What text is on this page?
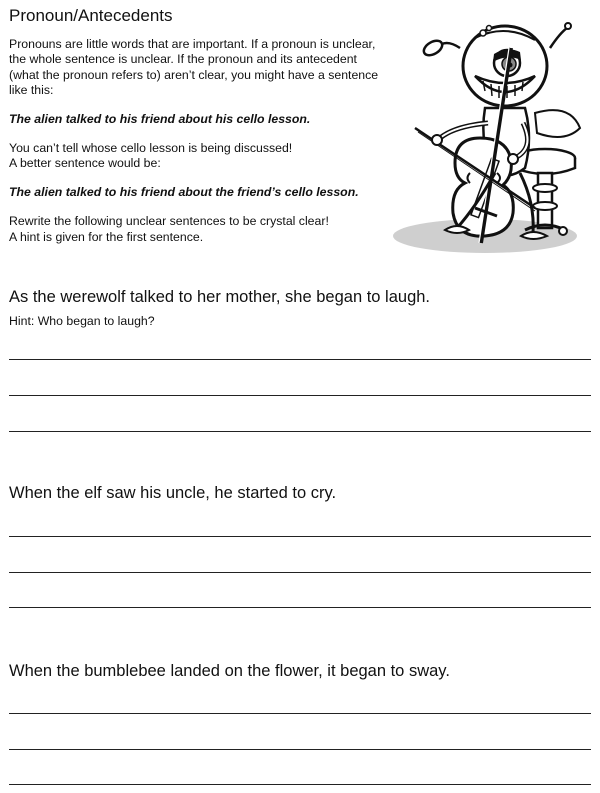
Pronoun/Antecedents

Pronouns are little words that are important. If a pronoun is unclear, the whole sentence is unclear. If the pronoun and its antecedent (what the pronoun refers to) aren’t clear, you might have a sentence like this:

The alien talked to his friend about his cello lesson.

You can’t tell whose cello lesson is being discussed!
A better sentence would be:

The alien talked to his friend about the friend’s cello lesson.

Rewrite the following unclear sentences to be crystal clear!
A hint is given for the first sentence.

As the werewolf talked to her mother, she began to laugh.
Hint: Who began to laugh?
When the elf saw his uncle, he started to cry.
When the bumblebee landed on the flower, it began to sway.
